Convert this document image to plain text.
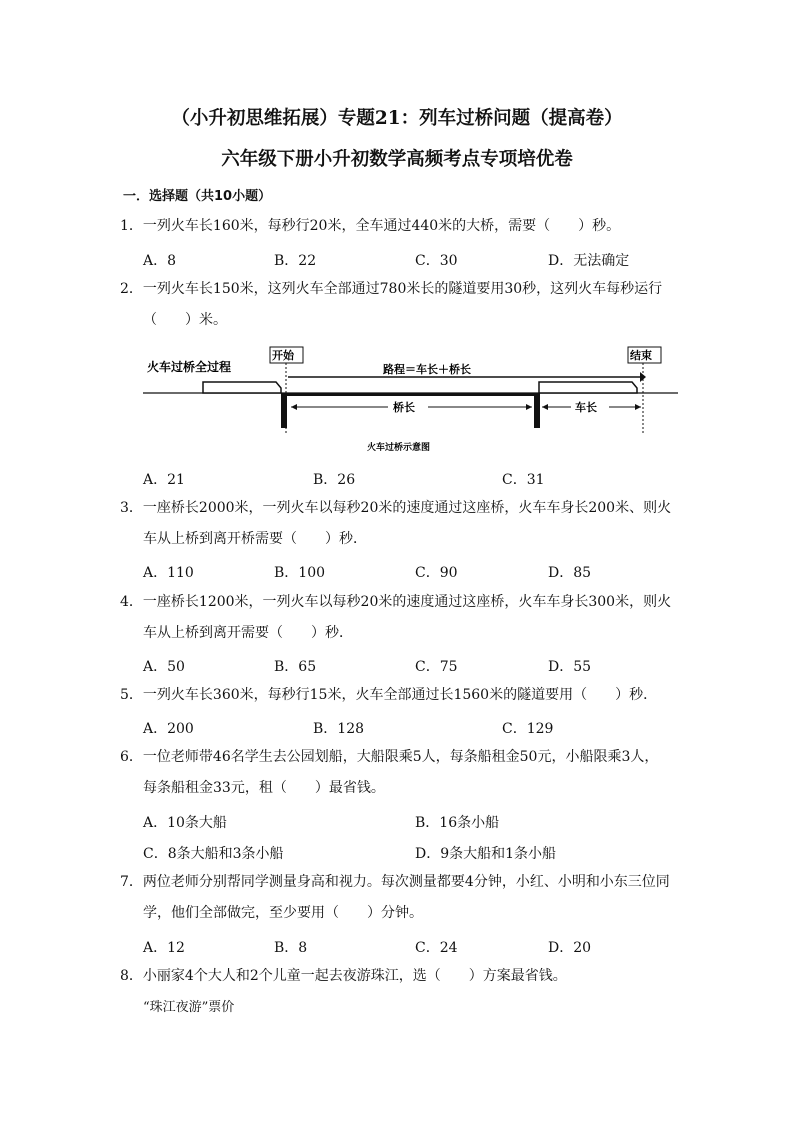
（小升初思维拓展）专题21：列车过桥问题（提高卷）
六年级下册小升初数学高频考点专项培优卷
一．选择题（共10小题）
1．一列火车长160米，每秒行20米，全车通过440米的大桥，需要（　　）秒。
A．8	B．22	C．30	D．无法确定
2．一列火车长150米，这列火车全部通过780米长的隧道要用30秒，这列火车每秒运行
（　　）米。
火车过桥全过程
开始	结束
路程＝车长＋桥长
桥长	车长
火车过桥示意图
A．21	B．26	C．31
3．一座桥长2000米，一列火车以每秒20米的速度通过这座桥，火车车身长200米、则火
车从上桥到离开桥需要（　　）秒．
A．110	B．100	C．90	D．85
4．一座桥长1200米，一列火车以每秒20米的速度通过这座桥，火车车身长300米，则火
车从上桥到离开需要（　　）秒．
A．50	B．65	C．75	D．55
5．一列火车长360米，每秒行15米，火车全部通过长1560米的隧道要用（　　）秒．
A．200	B．128	C．129
6．一位老师带46名学生去公园划船，大船限乘5人，每条船租金50元，小船限乘3人，
每条船租金33元，租（　　）最省钱。
A．10条大船	B．16条小船
C．8条大船和3条小船	D．9条大船和1条小船
7．两位老师分别帮同学测量身高和视力。每次测量都要4分钟，小红、小明和小东三位同
学，他们全部做完，至少要用（　　）分钟。
A．12	B．8	C．24	D．20
8．小丽家4个大人和2个儿童一起去夜游珠江，选（　　）方案最省钱。
“珠江夜游”票价
